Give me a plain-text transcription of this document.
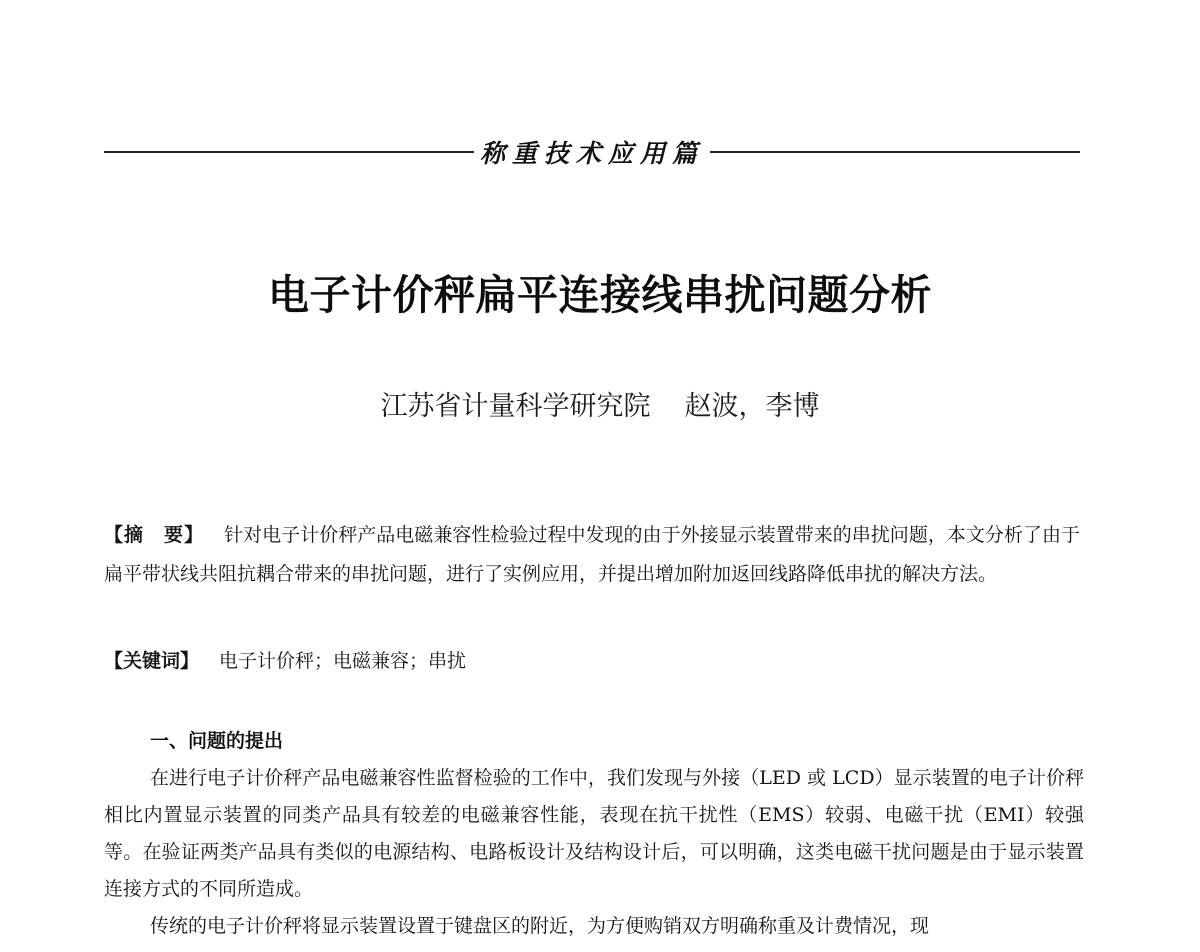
称重技术应用篇
电子计价秤扁平连接线串扰问题分析
江苏省计量科学研究院 赵波，李博
【摘　要】 针对电子计价秤产品电磁兼容性检验过程中发现的由于外接显示装置带来的串扰问题，本文分析了由于扁平带状线共阻抗耦合带来的串扰问题，进行了实例应用，并提出增加附加返回线路降低串扰的解决方法。
【关键词】 电子计价秤；电磁兼容；串扰
一、问题的提出

在进行电子计价秤产品电磁兼容性监督检验的工作中，我们发现与外接（LED 或 LCD）显示装置的电子计价秤相比内置显示装置的同类产品具有较差的电磁兼容性能，表现在抗干扰性（EMS）较弱、电磁干扰（EMI）较强等。在验证两类产品具有类似的电源结构、电路板设计及结构设计后，可以明确，这类电磁干扰问题是由于显示装置连接方式的不同所造成。

传统的电子计价秤将显示装置设置于键盘区的附近，为方便购销双方明确称重及计费情况，现
